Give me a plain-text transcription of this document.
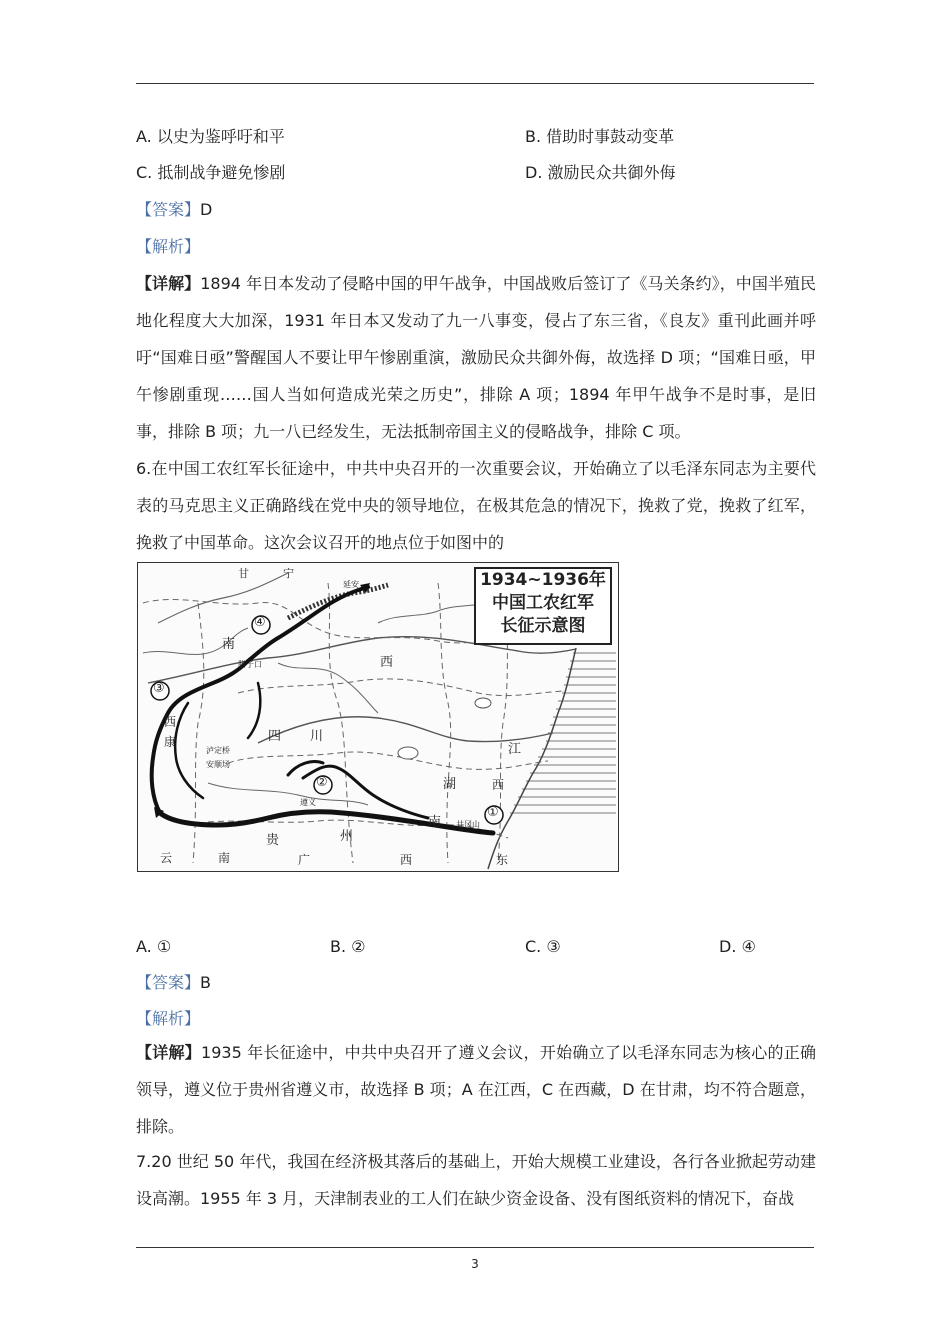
A. 以史为鉴呼吁和平	B. 借助时事鼓动变革
C. 抵制战争避免惨剧	D. 激励民众共御外侮
【答案】D
【解析】
【详解】1894 年日本发动了侵略中国的甲午战争，中国战败后签订了《马关条约》，中国半殖民地化程度大大加深，1931 年日本又发动了九一八事变，侵占了东三省，《良友》重刊此画并呼吁“国难日亟”警醒国人不要让甲午惨剧重演，激励民众共御外侮，故选择 D 项；“国难日亟，甲午惨剧重现……国人当如何造成光荣之历史”，排除 A 项；1894 年甲午战争不是时事，是旧事，排除 B 项；九一八已经发生，无法抵制帝国主义的侵略战争，排除 C 项。
6.在中国工农红军长征途中，中共中央召开的一次重要会议，开始确立了以毛泽东同志为主要代表的马克思主义正确路线在党中央的领导地位，在极其危急的情况下，挽救了党，挽救了红军，挽救了中国革命。这次会议召开的地点位于如图中的
1934~1936年
中国工农红军
长征示意图
④
③
②
①
甘	宁
延安
南
西
腊子口
西
康	四 川
泸定桥
安顺场
湖
江
南
西
井冈山
遵义
贵	州
云	南	广	西	东
A. ①	B. ②	C. ③	D. ④
【答案】B
【解析】
【详解】1935 年长征途中，中共中央召开了遵义会议，开始确立了以毛泽东同志为核心的正确领导，遵义位于贵州省遵义市，故选择 B 项；A 在江西，C 在西藏，D 在甘肃，均不符合题意，排除。
7.20 世纪 50 年代，我国在经济极其落后的基础上，开始大规模工业建设，各行各业掀起劳动建设高潮。1955 年 3 月，天津制表业的工人们在缺少资金设备、没有图纸资料的情况下，奋战
3
